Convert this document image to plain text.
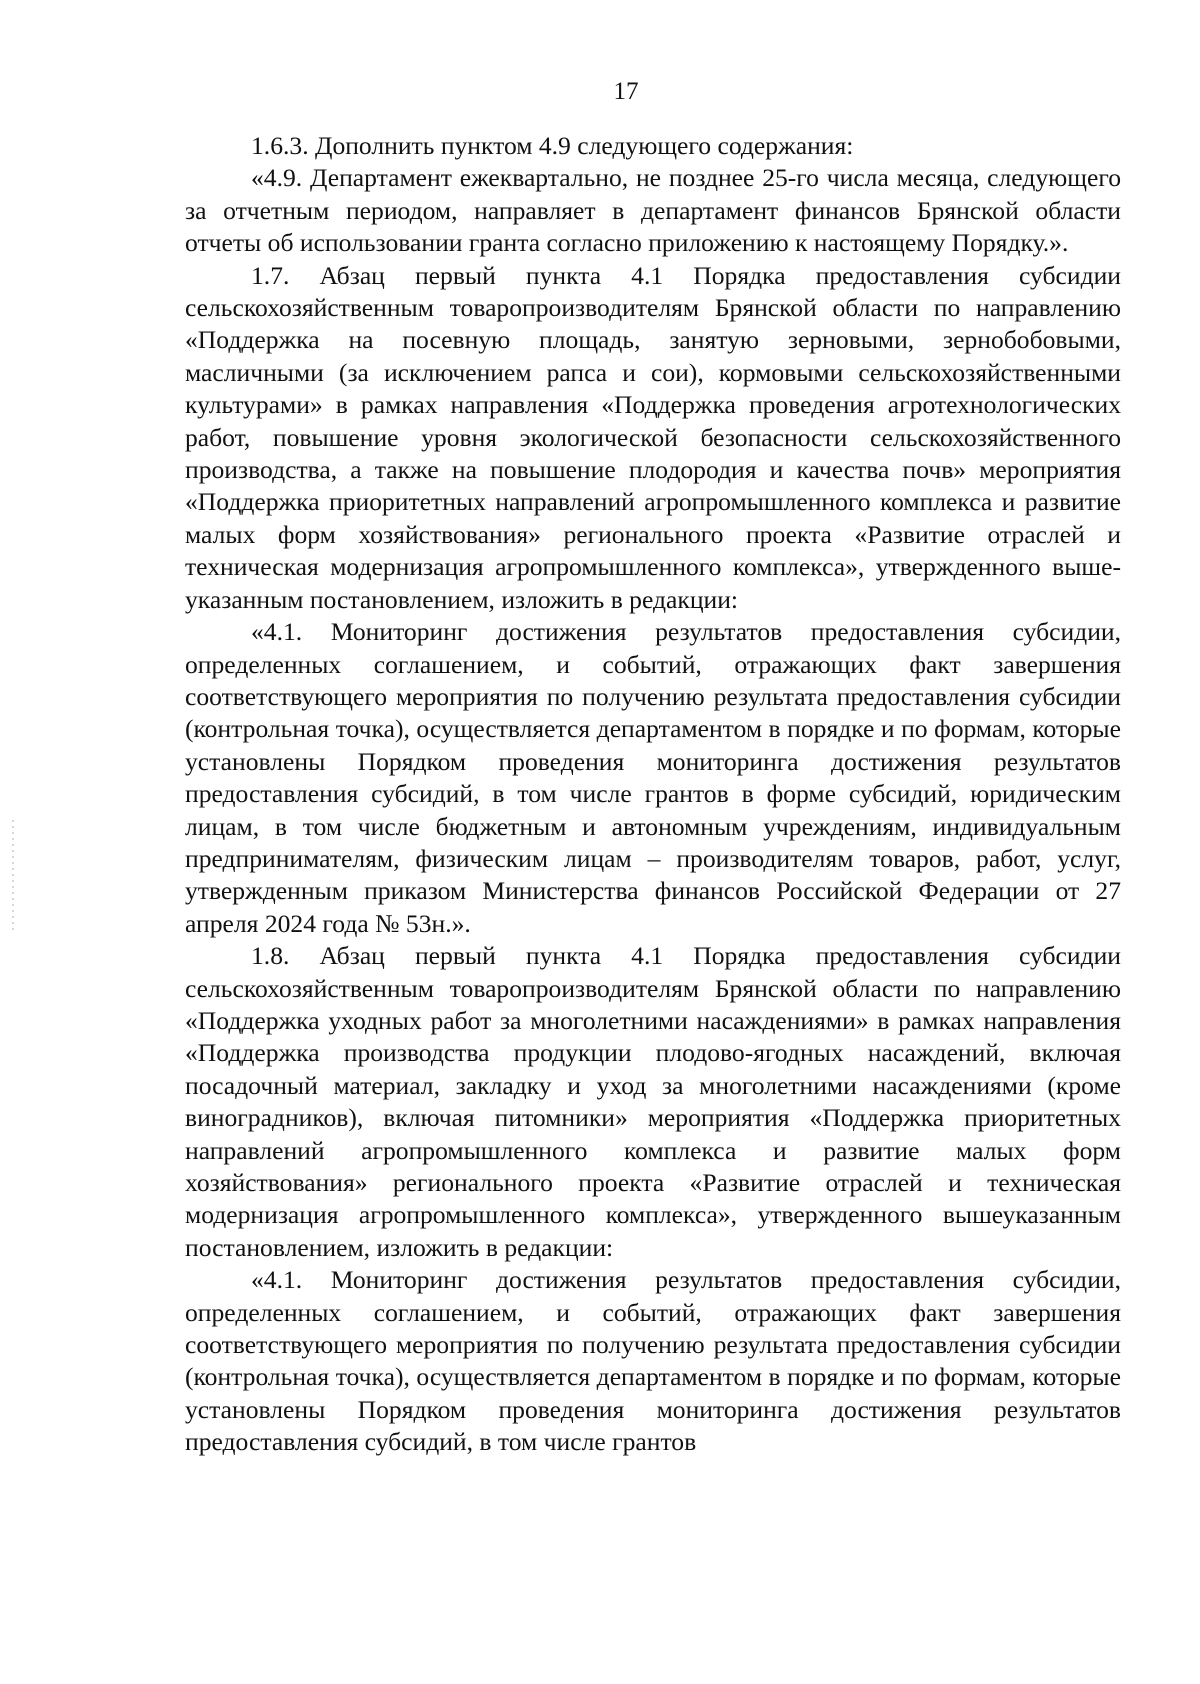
17

1.6.3. Дополнить пунктом 4.9 следующего содержания:

«4.9. Департамент ежеквартально, не позднее 25-го числа месяца, следующего за отчетным периодом, направляет в департамент финансов Брянской области отчеты об использовании гранта согласно приложению к настоящему Порядку.».

1.7. Абзац первый пункта 4.1 Порядка предоставления субсидии сельскохозяйственным товаропроизводителям Брянской области по направлению «Поддержка на посевную площадь, занятую зерновыми, зернобобовыми, масличными (за исключением рапса и сои), кормовыми сельскохозяйственными культурами» в рамках направления «Поддержка проведения агротехнологических работ, повышение уровня экологической безопасности сельскохозяйственного производства, а также на повышение плодородия и качества почв» мероприятия «Поддержка приоритетных направлений агропромышленного комплекса и развитие малых форм хозяйствования» регионального проекта «Развитие отраслей и техническая модернизация агропромышленного комплекса», утвержденного вышеуказанным постановлением, изложить в редакции:

«4.1. Мониторинг достижения результатов предоставления субсидии, определенных соглашением, и событий, отражающих факт завершения соответствующего мероприятия по получению результата предоставления субсидии (контрольная точка), осуществляется департаментом в порядке и по формам, которые установлены Порядком проведения мониторинга достижения результатов предоставления субсидий, в том числе грантов в форме субсидий, юридическим лицам, в том числе бюджетным и автономным учреждениям, индивидуальным предпринимателям, физическим лицам – производителям товаров, работ, услуг, утвержденным приказом Министерства финансов Российской Федерации от 27 апреля 2024 года № 53н.».

1.8. Абзац первый пункта 4.1 Порядка предоставления субсидии сельскохозяйственным товаропроизводителям Брянской области по направлению «Поддержка уходных работ за многолетними насаждениями» в рамках направления «Поддержка производства продукции плодово-ягодных насаждений, включая посадочный материал, закладку и уход за многолетними насаждениями (кроме виноградников), включая питомники» мероприятия «Поддержка приоритетных направлений агропромышленного комплекса и развитие малых форм хозяйствования» регионального проекта «Развитие отраслей и техническая модернизация агропромышленного комплекса», утвержденного вышеуказанным постановлением, изложить в редакции:

«4.1. Мониторинг достижения результатов предоставления субсидии, определенных соглашением, и событий, отражающих факт завершения соответствующего мероприятия по получению результата предоставления субсидии (контрольная точка), осуществляется департаментом в порядке и по формам, которые установлены Порядком проведения мониторинга достижения результатов предоставления субсидий, в том числе грантов
